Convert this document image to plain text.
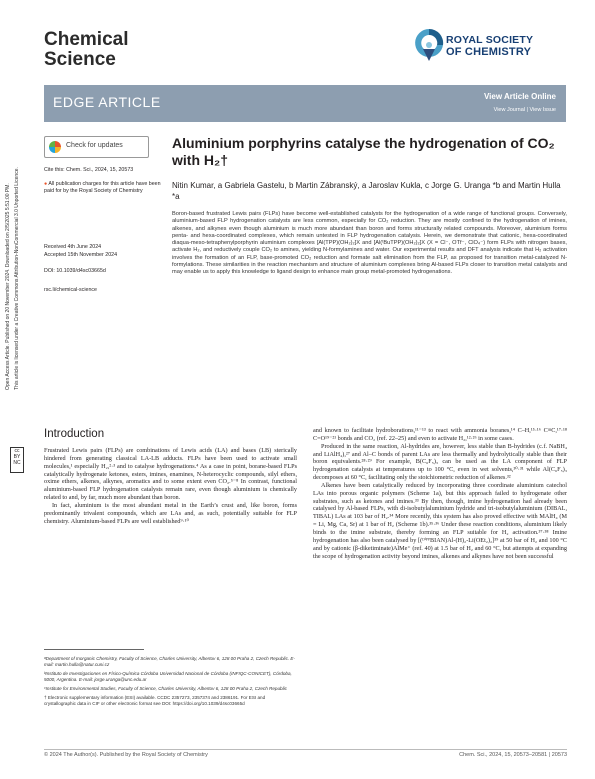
Chemical
Science
ROYAL SOCIETY
OF CHEMISTRY
EDGE ARTICLE	View Article Online
View Journal | View Issue
Open Access Article. Published on 20 November 2024. Downloaded on 2/5/2025 5:51:00 PM. This article is licensed under a Creative Commons Attribution-NonCommercial 3.0 Unported Licence.
cc BY NC
Check for updates
Cite this: Chem. Sci., 2024, 15, 20573
● All publication charges for this article have been paid for by the Royal Society of Chemistry
Received 4th June 2024
Accepted 15th November 2024
DOI: 10.1039/d4sc03665d
rsc.li/chemical-science
Aluminium porphyrins catalyse the hydrogenation of CO₂ with H₂†
Nitin Kumar, a Gabriela Gastelu, b Martin Zábranský, a Jaroslav Kukla, c Jorge G. Uranga *b and Martin Hulla *a
Boron-based frustrated Lewis pairs (FLPs) have become well-established catalysts for the hydrogenation of a wide range of functional groups. Conversely, aluminium-based FLP hydrogenation catalysts are less common, especially for CO₂ reduction. They are mostly confined to the hydrogenation of imines, alkenes, and alkynes even though aluminium is much more abundant than boron and forms structurally related compounds. Moreover, aluminium forms penta- and hexa-coordinated complexes, which remain untested in FLP hydrogenation catalysis. Herein, we demonstrate that cationic, hexa-coordinated diaqua-meso-tetraphenylporphyrin aluminium complexes [Al(TPP)(OH₂)₂]X and [Al(ᵗBuTPP)(OH₂)₂]X (X = Cl⁻, OTf⁻, ClO₄⁻) form FLPs with nitrogen bases, activate H₂, and reductively couple CO₂ to amines, yielding N-formylamines and water. Our experimental results and DFT analysis indicate that H₂ activation involves the formation of an FLP, base-promoted CO₂ reduction and formate salt elimination from the FLP, as proposed for transition metal-catalyzed N-formylations. These similarities in the reaction mechanism and structure of aluminium complexes bring Al-based FLPs closer to transition metal catalysts and may enable us to apply this knowledge to ligand design to enhance main group metal-promoted hydrogenations.
Introduction

Frustrated Lewis pairs (FLPs) are combinations of Lewis acids (LA) and bases (LB) sterically hindered from generating classical LA-LB adducts. FLPs have been used to activate small molecules,¹ especially H₂,²·³ and to catalyse hydrogenations.⁴ As a case in point, borane-based FLPs catalytically hydrogenate ketones, esters, imines, enamines, N-heterocyclic compounds, silyl ethers, oxime ethers, alkenes, alkynes, aromatics and to some extent even CO₂.⁵⁻⁸ In contrast, functional aluminium-based FLP hydrogenation catalysts remain rare, even though aluminium is chemically related to and, by far, much more abundant than boron.

In fact, aluminium is the most abundant metal in the Earth’s crust and, like boron, forms predominantly trivalent compounds, which are LAs and, as such, potentially suitable for FLP chemistry. Aluminium-based FLPs are well established⁹·¹⁰

and known to facilitate hydroborations,¹¹⁻¹³ to react with ammonia boranes,¹⁴ C–H,¹⁵·¹⁶ C≡C,¹⁷·¹⁸ C=O¹⁹⁻²¹ bonds and CO₂ (ref. 22–25) and even to activate H₂,¹²·²⁶ in some cases.

Produced in the same reaction, Al-hydrides are, however, less stable than B-hydrides (c.f. NaBH₄ and LiAlH₄),²⁷ and Al–C bonds of parent LAs are less thermally and hydrolytically stable than their boron equivalents.²⁸·²⁹ For example, B(C₆F₅)₃ can be used as the LA component of FLP hydrogenation catalysts at temperatures up to 100 °C, even in wet solvents,³⁰·³¹ while Al(C₆F₅)₃ decomposes at 60 °C, facilitating only the stoichiometric reduction of alkenes.³²

Alkenes have been catalytically reduced by incorporating three coordinate aluminium catechol LAs into porous organic polymers (Scheme 1a), but this approach failed to hydrogenate other substrates, such as ketones and imines.³³ By then, though, imine hydrogenation had already been catalysed by Al-based FLPs, with di-isobutylaluminium hydride and tri-isobutylaluminium (DIBAL, TIBAL) LAs at 103 bar of H₂.³⁴ More recently, this system has also proved effective with MAlH₄ (M = Li, Mg, Ca, Sr) at 1 bar of H₂ (Scheme 1b).³⁵·³⁶ Under these reaction conditions, aluminium likely binds to the imine substrate, thereby forming an FLP suitable for H₂ activation.³⁷·³⁸ Imine hydrogenation has also been catalysed by [(ᴰⁱᴾᴾBIAN)Al-(H)₂-Li(OEt₂)₂]³⁹ at 50 bar of H₂ and 100 °C and by cationic (β-diketiminate)AlMe⁺ (ref. 40) at 1.5 bar of H₂ and 60 °C, but attempts at expanding the scope of hydrogenation activity beyond imines, alkenes and alkynes have not been successful

ᵃDepartment of Inorganic Chemistry, Faculty of Science, Charles University, Albertov 6, 128 00 Praha 2, Czech Republic. E-mail: martin.hulla@natur.cuni.cz

ᵇInstituto de Investigaciones en Físico-Química Córdoba Universidad Nacional de Córdoba (INFIQC-CONICET), Córdoba, 5000, Argentina. E-mail: jorge.uranga@unc.edu.ar

ᶜInstitute for Environmental Studies, Faculty of Science, Charles University, Albertov 6, 128 00 Praha 2, Czech Republic

† Electronic supplementary information (ESI) available. CCDC 2357273, 2357374 and 2386191. For ESI and crystallographic data in CIF or other electronic format see DOI: https://doi.org/10.1039/d4sc03665d

© 2024 The Author(s). Published by the Royal Society of Chemistry	Chem. Sci., 2024, 15, 20573–20581 | 20573
